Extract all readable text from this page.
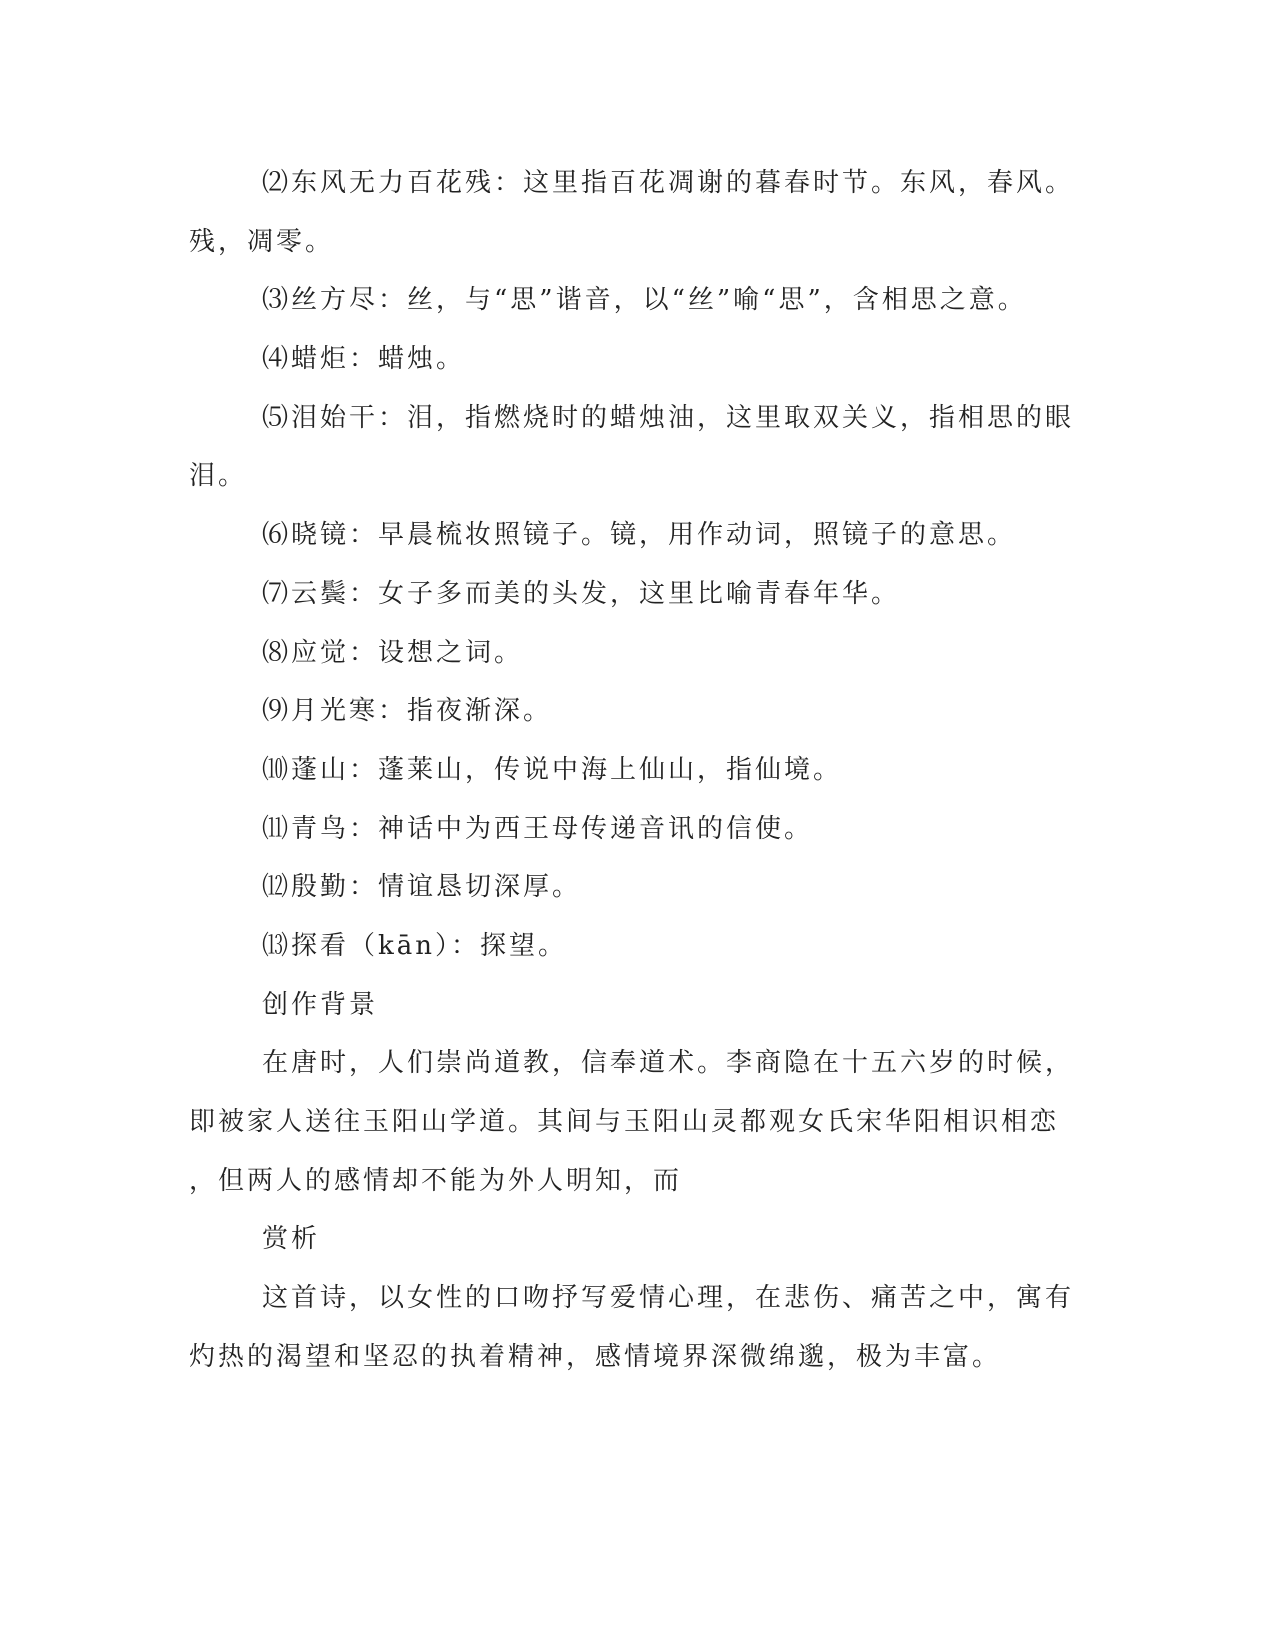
⑵东风无力百花残：这里指百花凋谢的暮春时节。东风，春风。
残，凋零。
⑶丝方尽：丝，与“思”谐音，以“丝”喻“思”，含相思之意。
⑷蜡炬：蜡烛。
⑸泪始干：泪，指燃烧时的蜡烛油，这里取双关义，指相思的眼
泪。
⑹晓镜：早晨梳妆照镜子。镜，用作动词，照镜子的意思。
⑺云鬓：女子多而美的头发，这里比喻青春年华。
⑻应觉：设想之词。
⑼月光寒：指夜渐深。
⑽蓬山：蓬莱山，传说中海上仙山，指仙境。
⑾青鸟：神话中为西王母传递音讯的信使。
⑿殷勤：情谊恳切深厚。
⒀探看（kān）：探望。
创作背景
在唐时，人们崇尚道教，信奉道术。李商隐在十五六岁的时候，
即被家人送往玉阳山学道。其间与玉阳山灵都观女氏宋华阳相识相恋
，但两人的感情却不能为外人明知，而
赏析
这首诗，以女性的口吻抒写爱情心理，在悲伤、痛苦之中，寓有
灼热的渴望和坚忍的执着精神，感情境界深微绵邈，极为丰富。
